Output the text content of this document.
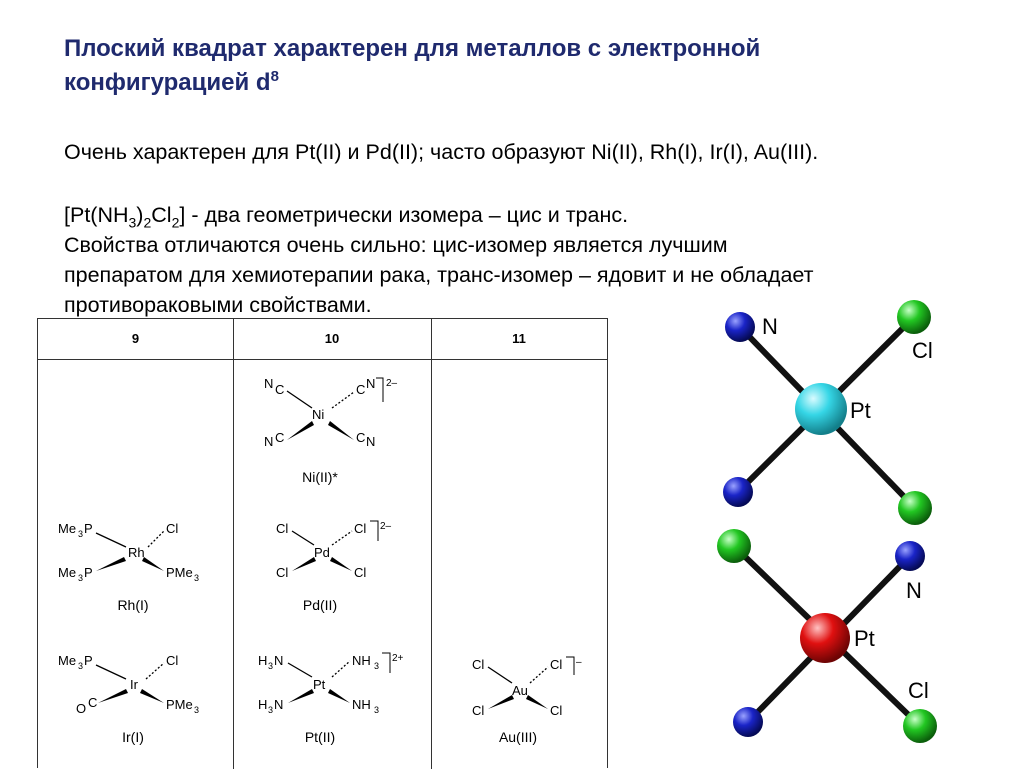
Плоский квадрат характерен для металлов с электронной
конфигурацией $d^8$
Очень характерен для Pt(II) и Pd(II); часто образуют Ni(II), Rh(I), Ir(I), Au(III).
$[Pt(NH_3)_2Cl_2]$ - два геометрически изомера – цис и транс.
Свойства отличаются очень сильно: цис-изомер является лучшим
препаратом для хемиотерапии рака, транс-изомер – ядовит и не обладает
противораковыми свойствами.
9	10	11
N C	C N
N C	C N
Ni
2–
Ni(II)*
Me 3 P
Me 3 P
Cl
PMe 3
Rh
Rh(I)
Cl
Cl
Cl
Cl
Pd
2–
Pd(II)
Me 3 P
O C
Cl
PMe 3
Ir
Ir(I)
H 3 N
H 3 N
NH 3
NH 3
Pt
2+
Pt(II)
Cl
Cl
Cl
Cl
Au
–
Au(III)
N
Cl
Pt
N
Cl
Pt
